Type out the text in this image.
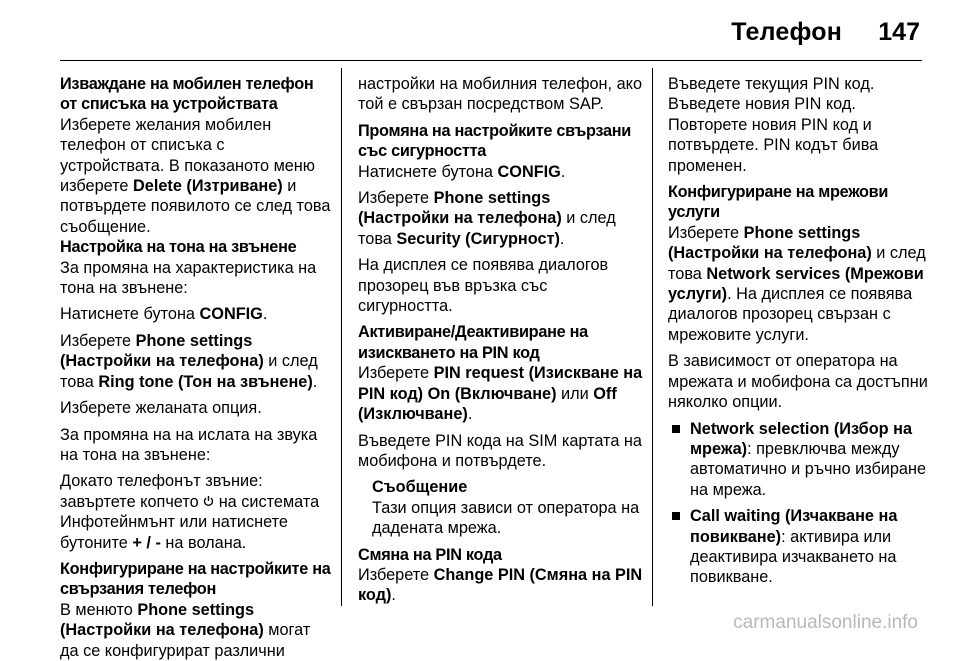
Телефон 147
Изваждане на мобилен телефон от списъка на устройствата
Изберете желания мобилен телефон от списъка с устройствата. В показаното меню изберете Delete (Изтриване) и потвърдете появилото се след това съобщение.
Настройка на тона на звънене
За промяна на характеристика на тона на звънене:
Натиснете бутона CONFIG.
Изберете Phone settings (Настройки на телефона) и след това Ring tone (Тон на звънене).
Изберете желаната опция.
За промяна на на ислата на звука на тона на звънене:
Докато телефонът звъние: завъртете копчето  на системата Инфотейнмънт или натиснете бутоните + / - на волана.
Конфигуриране на настройките на свързания телефон
В менюто Phone settings (Настройки на телефона) могат да се конфигурират различни
настройки на мобилния телефон, ако той е свързан посредством SAP.
Промяна на настройките свързани със сигурността
Натиснете бутона CONFIG.
Изберете Phone settings (Настройки на телефона) и след това Security (Сигурност).
На дисплея се появява диалогов прозорец във връзка със сигурността.
Активиране/Деактивиране на изискването на PIN код
Изберете PIN request (Изискване на PIN код) On (Включване) или Off (Изключване).
Въведете PIN кода на SIM картата на мобифона и потвърдете.
Съобщение
Тази опция зависи от оператора на дадената мрежа.
Смяна на PIN кода
Изберете Change PIN (Смяна на PIN код).
Въведете текущия PIN код. Въведете новия PIN код. Повторете новия PIN код и потвърдете. PIN кодът бива променен.
Конфигуриране на мрежови услуги
Изберете Phone settings (Настройки на телефона) и след това Network services (Мрежови услуги). На дисплея се появява диалогов прозорец свързан с мрежовите услуги.
В зависимост от оператора на мрежата и мобифона са достъпни няколко опции.
Network selection (Избор на мрежа): превключва между автоматично и ръчно избиране на мрежа.
Call waiting (Изчакване на повикване): активира или деактивира изчакването на повикване.
carmanualsonline.info
